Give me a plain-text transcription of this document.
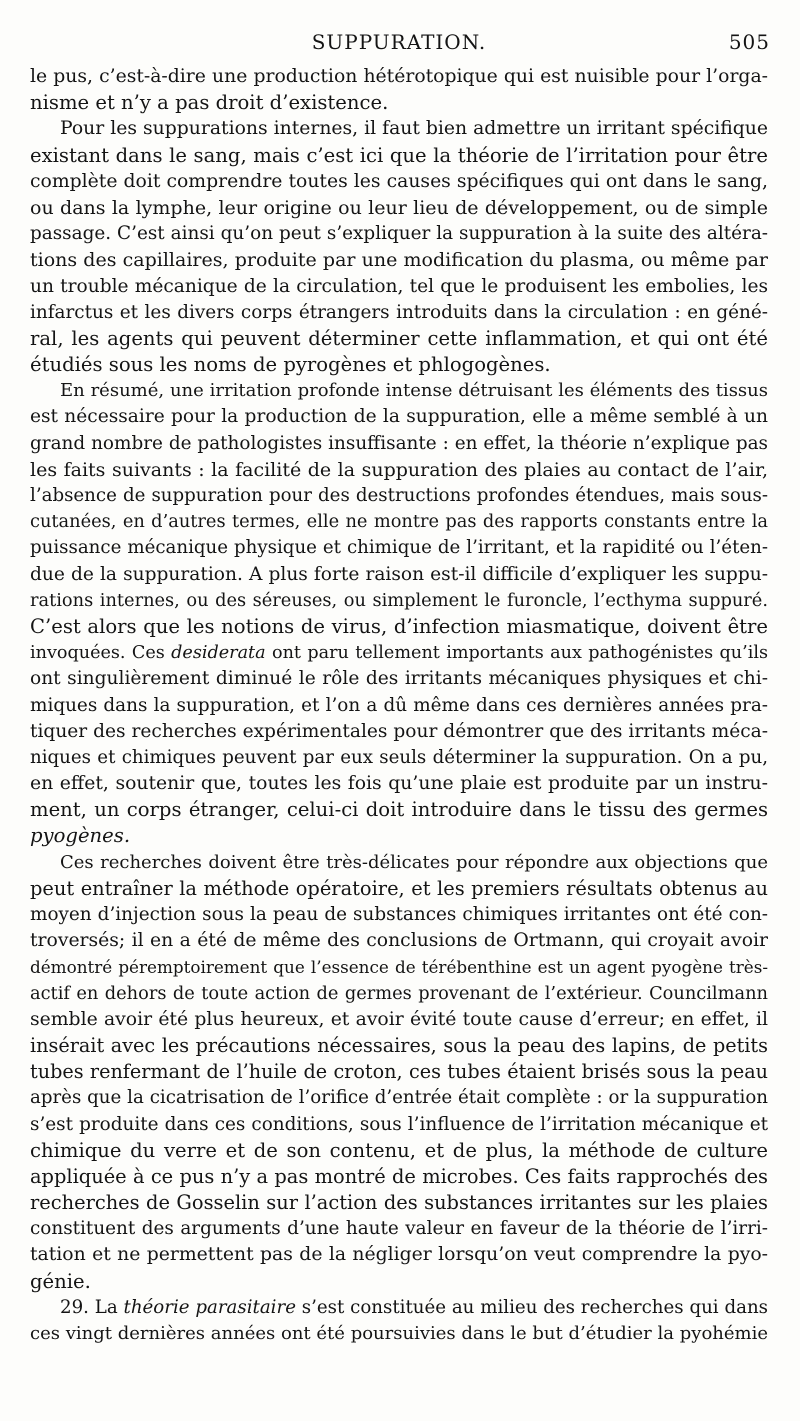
SUPPURATION.	505
le pus, c’est-à-dire une production hétérotopique qui est nuisible pour l’orga-
nisme et n’y a pas droit d’existence.
Pour les suppurations internes, il faut bien admettre un irritant spécifique
existant dans le sang, mais c’est ici que la théorie de l’irritation pour être
complète doit comprendre toutes les causes spécifiques qui ont dans le sang,
ou dans la lymphe, leur origine ou leur lieu de développement, ou de simple
passage. C’est ainsi qu’on peut s’expliquer la suppuration à la suite des altéra-
tions des capillaires, produite par une modification du plasma, ou même par
un trouble mécanique de la circulation, tel que le produisent les embolies, les
infarctus et les divers corps étrangers introduits dans la circulation : en géné-
ral, les agents qui peuvent déterminer cette inflammation, et qui ont été
étudiés sous les noms de pyrogènes et phlogogènes.
En résumé, une irritation profonde intense détruisant les éléments des tissus
est nécessaire pour la production de la suppuration, elle a même semblé à un
grand nombre de pathologistes insuffisante : en effet, la théorie n’explique pas
les faits suivants : la facilité de la suppuration des plaies au contact de l’air,
l’absence de suppuration pour des destructions profondes étendues, mais sous-
cutanées, en d’autres termes, elle ne montre pas des rapports constants entre la
puissance mécanique physique et chimique de l’irritant, et la rapidité ou l’éten-
due de la suppuration. A plus forte raison est-il difficile d’expliquer les suppu-
rations internes, ou des séreuses, ou simplement le furoncle, l’ecthyma suppuré.
C’est alors que les notions de virus, d’infection miasmatique, doivent être
invoquées. Ces desiderata ont paru tellement importants aux pathogénistes qu’ils
ont singulièrement diminué le rôle des irritants mécaniques physiques et chi-
miques dans la suppuration, et l’on a dû même dans ces dernières années pra-
tiquer des recherches expérimentales pour démontrer que des irritants méca-
niques et chimiques peuvent par eux seuls déterminer la suppuration. On a pu,
en effet, soutenir que, toutes les fois qu’une plaie est produite par un instru-
ment, un corps étranger, celui-ci doit introduire dans le tissu des germes
pyogènes.
Ces recherches doivent être très-délicates pour répondre aux objections que
peut entraîner la méthode opératoire, et les premiers résultats obtenus au
moyen d’injection sous la peau de substances chimiques irritantes ont été con-
troversés; il en a été de même des conclusions de Ortmann, qui croyait avoir
démontré péremptoirement que l’essence de térébenthine est un agent pyogène très-
actif en dehors de toute action de germes provenant de l’extérieur. Councilmann
semble avoir été plus heureux, et avoir évité toute cause d’erreur; en effet, il
insérait avec les précautions nécessaires, sous la peau des lapins, de petits
tubes renfermant de l’huile de croton, ces tubes étaient brisés sous la peau
après que la cicatrisation de l’orifice d’entrée était complète : or la suppuration
s’est produite dans ces conditions, sous l’influence de l’irritation mécanique et
chimique du verre et de son contenu, et de plus, la méthode de culture
appliquée à ce pus n’y a pas montré de microbes. Ces faits rapprochés des
recherches de Gosselin sur l’action des substances irritantes sur les plaies
constituent des arguments d’une haute valeur en faveur de la théorie de l’irri-
tation et ne permettent pas de la négliger lorsqu’on veut comprendre la pyo-
génie.
29. La théorie parasitaire s’est constituée au milieu des recherches qui dans
ces vingt dernières années ont été poursuivies dans le but d’étudier la pyohémie
